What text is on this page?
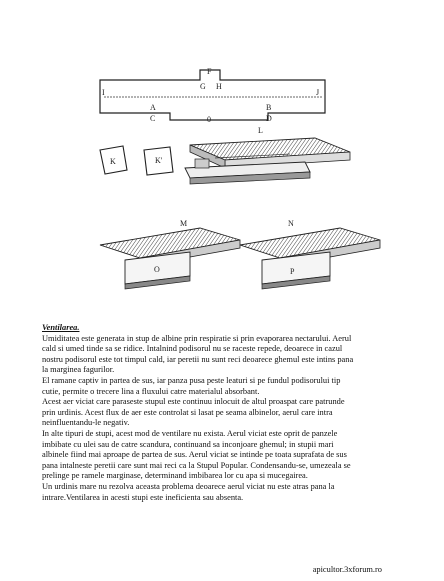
F
G H
I	J
A	B
C	D
0
K	K'
L
M
O
N
P

Ventilarea.

Umiditatea este generata in stup de albine prin respiratie si prin evaporarea nectarului. Aerul

cald si umed tinde sa se ridice. Intalnind podisorul nu se raceste repede, deoarece in cazul

nostru podisorul este tot timpul cald, iar peretii nu sunt reci deoarece ghemul este intins pana

la marginea fagurilor.

El ramane captiv in partea de sus, iar panza pusa peste leaturi si pe fundul podisorului tip

cutie, permite o trecere lina a fluxului catre materialul absorbant.

Acest aer viciat care paraseste stupul este continuu inlocuit de altul proaspat care patrunde

prin urdinis. Acest flux de aer este controlat si lasat pe seama albinelor, aerul care intra

neinfluentandu-le negativ.

In alte tipuri de stupi, acest mod de ventilare nu exista. Aerul viciat este oprit de panzele

imbibate cu ulei sau de catre scandura, continuand sa inconjoare ghemul; in stupii mari

albinele fiind mai aproape de partea de sus. Aerul viciat se intinde pe toata suprafata de sus

pana intalneste peretii care sunt mai reci ca la Stupul Popular. Condensandu-se, umezeala se

prelinge pe ramele marginase, determinand imbibarea lor cu apa si mucegairea.

Un urdinis mare nu rezolva aceasta problema deoarece aerul viciat nu este atras pana la

intrare.Ventilarea in acesti stupi este ineficienta sau absenta.

apicultor.3xforum.ro
